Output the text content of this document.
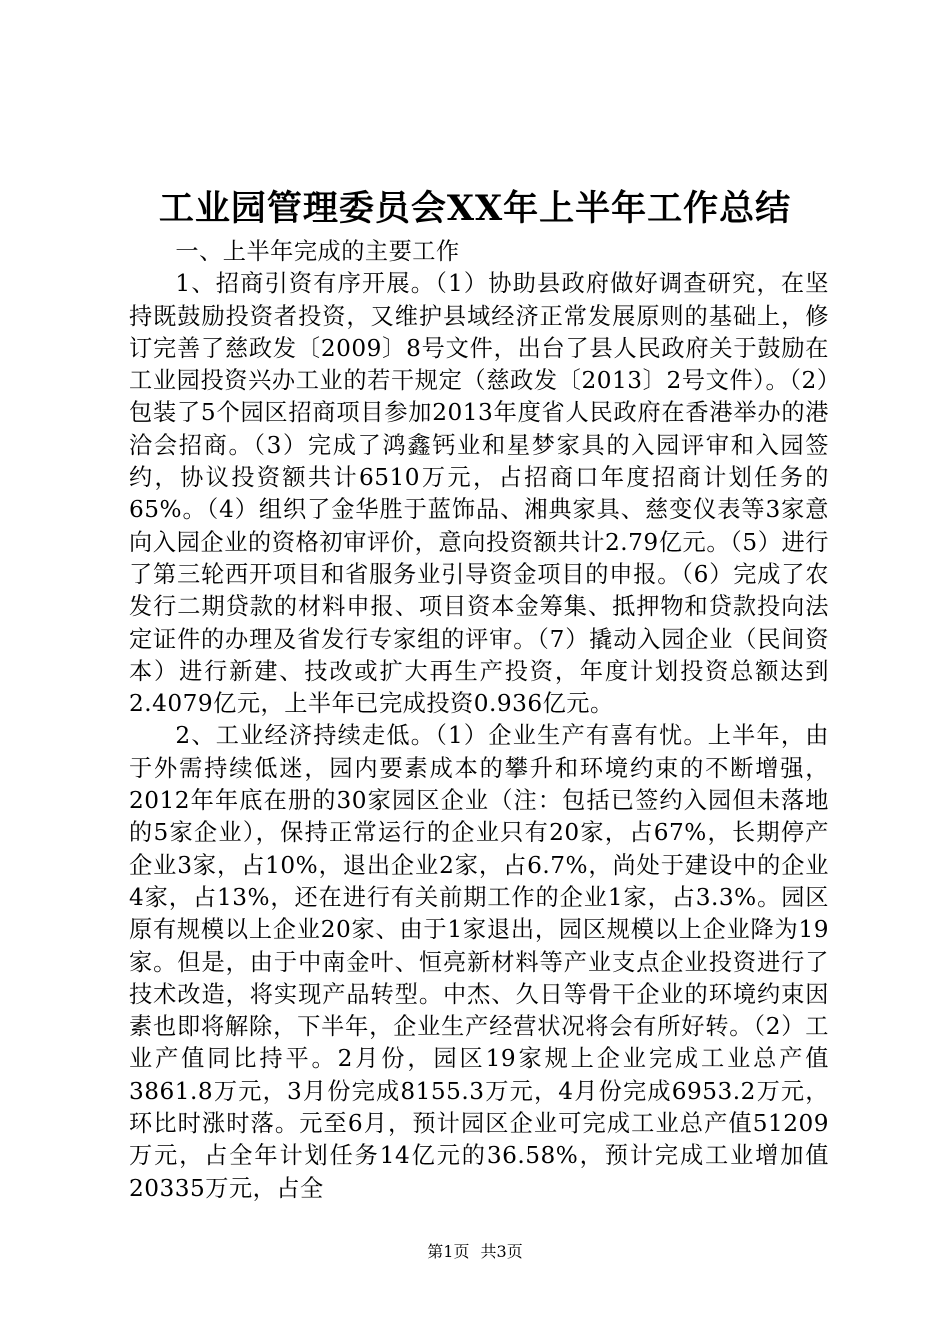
工业园管理委员会XX年上半年工作总结

一、上半年完成的主要工作

1、招商引资有序开展。（1）协助县政府做好调查研究，在坚持既鼓励投资者投资，又维护县域经济正常发展原则的基础上，修订完善了慈政发〔2009〕8号文件，出台了县人民政府关于鼓励在工业园投资兴办工业的若干规定（慈政发〔2013〕2号文件）。（2）包装了5个园区招商项目参加2013年度省人民政府在香港举办的港洽会招商。（3）完成了鸿鑫钙业和星梦家具的入园评审和入园签约，协议投资额共计6510万元，占招商口年度招商计划任务的65%。（4）组织了金华胜于蓝饰品、湘典家具、慈变仪表等3家意向入园企业的资格初审评价，意向投资额共计2.79亿元。（5）进行了第三轮西开项目和省服务业引导资金项目的申报。（6）完成了农发行二期贷款的材料申报、项目资本金筹集、抵押物和贷款投向法定证件的办理及省发行专家组的评审。（7）撬动入园企业（民间资本）进行新建、技改或扩大再生产投资，年度计划投资总额达到2.4079亿元，上半年已完成投资0.936亿元。

2、工业经济持续走低。（1）企业生产有喜有忧。上半年，由于外需持续低迷，园内要素成本的攀升和环境约束的不断增强，2012年年底在册的30家园区企业（注：包括已签约入园但未落地的5家企业），保持正常运行的企业只有20家，占67%，长期停产企业3家，占10%，退出企业2家，占6.7%，尚处于建设中的企业4家，占13%，还在进行有关前期工作的企业1家，占3.3%。园区原有规模以上企业20家、由于1家退出，园区规模以上企业降为19家。但是，由于中南金叶、恒亮新材料等产业支点企业投资进行了技术改造，将实现产品转型。中杰、久日等骨干企业的环境约束因素也即将解除，下半年，企业生产经营状况将会有所好转。（2）工业产值同比持平。2月份，园区19家规上企业完成工业总产值3861.8万元，3月份完成8155.3万元，4月份完成6953.2万元，环比时涨时落。元至6月，预计园区企业可完成工业总产值51209万元，占全年计划任务14亿元的36.58%，预计完成工业增加值20335万元，占全

第1页 共3页
